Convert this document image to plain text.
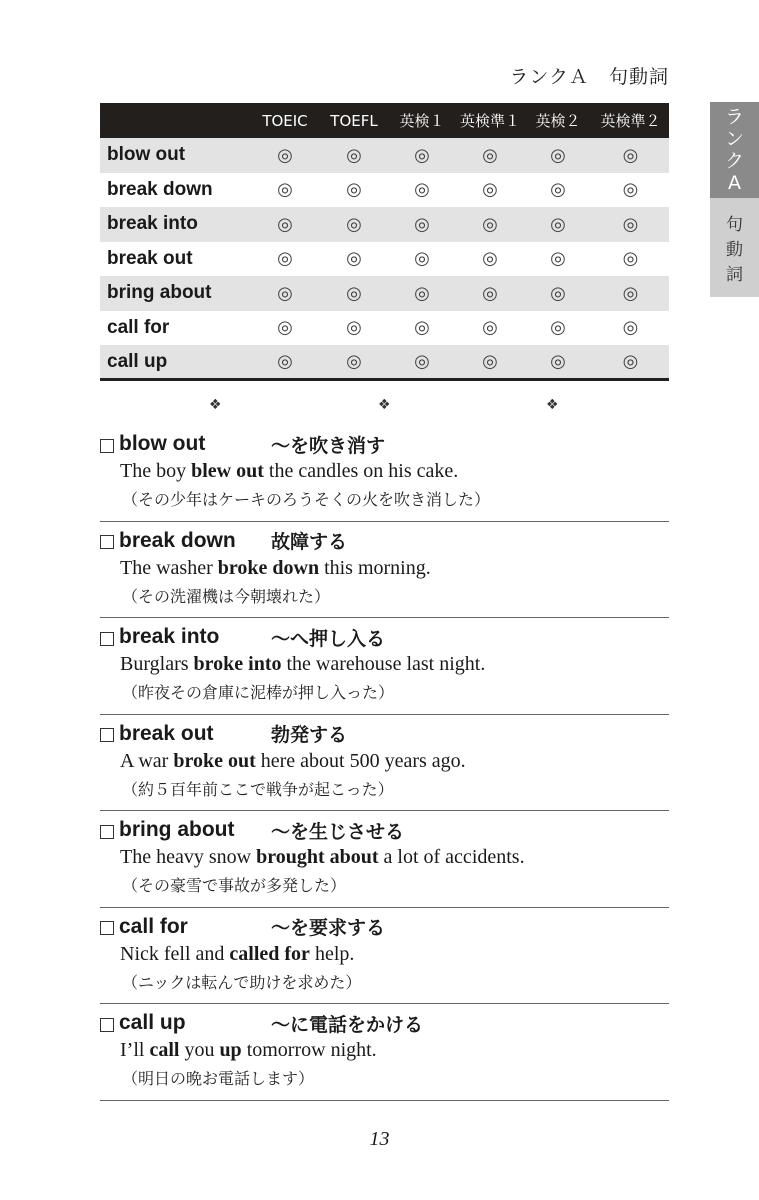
ランクＡ　句動詞
ラ
ン
ク
A
句
動
詞
	TOEIC	TOEFL	英検１	英検準１	英検２	英検準２
blow out	◎	◎	◎	◎	◎	◎
break down	◎	◎	◎	◎	◎	◎
break into	◎	◎	◎	◎	◎	◎
break out	◎	◎	◎	◎	◎	◎
bring about	◎	◎	◎	◎	◎	◎
call for	◎	◎	◎	◎	◎	◎
call up	◎	◎	◎	◎	◎	◎
❖	❖	❖
blow out	～を吹き消す
The boy blew out the candles on his cake.
（その少年はケーキのろうそくの火を吹き消した）
break down	故障する
The washer broke down this morning.
（その洗濯機は今朝壊れた）
break into	～へ押し入る
Burglars broke into the warehouse last night.
（昨夜その倉庫に泥棒が押し入った）
break out	勃発する
A war broke out here about 500 years ago.
（約５百年前ここで戦争が起こった）
bring about	～を生じさせる
The heavy snow brought about a lot of accidents.
（その豪雪で事故が多発した）
call for	～を要求する
Nick fell and called for help.
（ニックは転んで助けを求めた）
call up	～に電話をかける
I’ll call you up tomorrow night.
（明日の晩お電話します）
13
